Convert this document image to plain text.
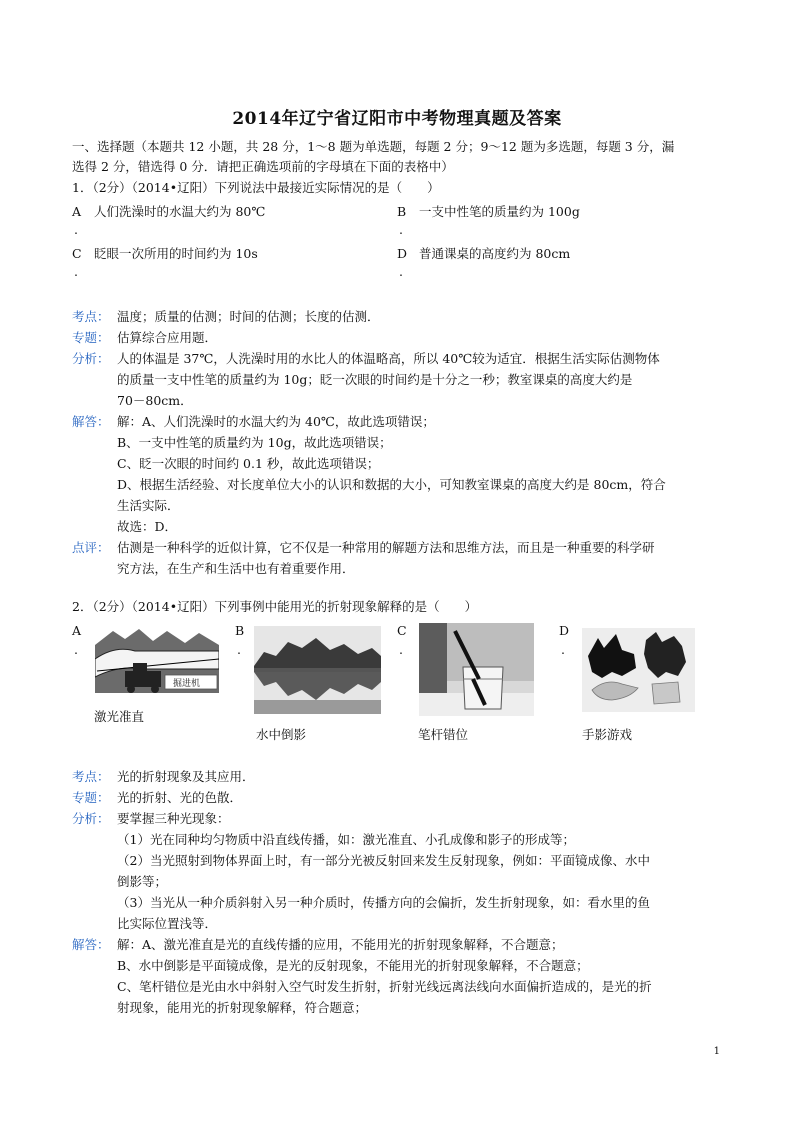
2014年辽宁省辽阳市中考物理真题及答案
一、选择题（本题共 12 小题，共 28 分，1～8 题为单选题，每题 2 分；9～12 题为多选题，每题 3 分，漏
选得 2 分，错选得 0 分．请把正确选项前的字母填在下面的表格中）
1．（2分）（2014•辽阳）下列说法中最接近实际情况的是（　　）
A 人们洗澡时的水温大约为 80℃	B 一支中性笔的质量约为 100g
.	.
C 眨眼一次所用的时间约为 10s	D 普通课桌的高度约为 80cm
.	.
考点： 温度；质量的估测；时间的估测；长度的估测．
专题： 估算综合应用题．
分析： 人的体温是 37℃，人洗澡时用的水比人的体温略高，所以 40℃较为适宜．根据生活实际估测物体
的质量一支中性笔的质量约为 10g；眨一次眼的时间约是十分之一秒；教室课桌的高度大约是
70－80cm．
解答： 解：A、人们洗澡时的水温大约为 40℃，故此选项错误；
B、一支中性笔的质量约为 10g，故此选项错误；
C、眨一次眼的时间约 0.1 秒，故此选项错误；
D、根据生活经验、对长度单位大小的认识和数据的大小，可知教室课桌的高度大约是 80cm，符合
生活实际．
故选：D．
点评： 估测是一种科学的近似计算，它不仅是一种常用的解题方法和思维方法，而且是一种重要的科学研
究方法，在生产和生活中也有着重要作用．
2．（2分）（2014•辽阳）下列事例中能用光的折射现象解释的是（　　）
A
.
掘进机
激光准直
B
.
水中倒影
C
.
笔杆错位
D
.
手影游戏
考点： 光的折射现象及其应用．
专题： 光的折射、光的色散．
分析： 要掌握三种光现象：
（1）光在同种均匀物质中沿直线传播，如：激光准直、小孔成像和影子的形成等；
（2）当光照射到物体界面上时，有一部分光被反射回来发生反射现象，例如：平面镜成像、水中
倒影等；
（3）当光从一种介质斜射入另一种介质时，传播方向的会偏折，发生折射现象，如：看水里的鱼
比实际位置浅等．
解答： 解：A、激光准直是光的直线传播的应用，不能用光的折射现象解释，不合题意；
B、水中倒影是平面镜成像，是光的反射现象，不能用光的折射现象解释，不合题意；
C、笔杆错位是光由水中斜射入空气时发生折射，折射光线远离法线向水面偏折造成的，是光的折
射现象，能用光的折射现象解释，符合题意；
1
